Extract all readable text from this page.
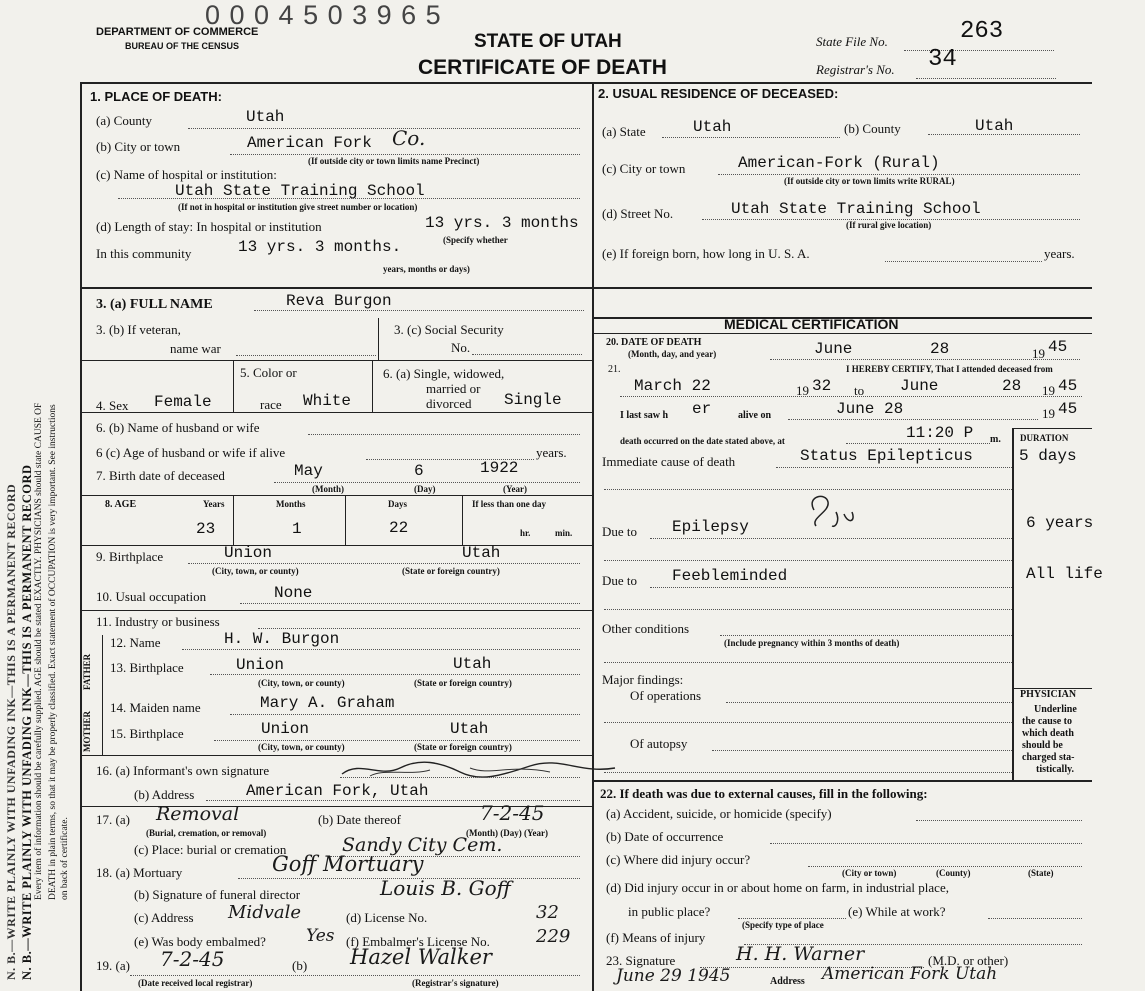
N. B.—WRITE PLAINLY WITH UNFADING INK—THIS IS A PERMANENT RECORD N. B.—WRITE PLAINLY WITH UNFADING INK—THIS IS A PERMANENT RECORD Every item of information should be carefully supplied. AGE should be stated EXACTLY. PHYSICIANS should state CAUSE OF DEATH in plain terms, so that it may be properly classified. Exact statement of OCCUPATION is very important. See instructions on back of certificate.
0 0 0 4 5 0 3 9 6 5
DEPARTMENT OF COMMERCE
BUREAU OF THE CENSUS	STATE OF UTAH
CERTIFICATE OF DEATH
State File No.	263
Registrar's No. 34
1. PLACE OF DEATH:
(a) County	Utah
(b) City or town	American Fork Co.
(If outside city or town limits name Precinct)
(c) Name of hospital or institution:
Utah State Training School
(If not in hospital or institution give street number or location)
(d) Length of stay: In hospital or institution	13 yrs. 3 months
In this community	13 yrs. 3 months.	(Specify whether
years, months or days)
2. USUAL RESIDENCE OF DECEASED:
(a) State	Utah	(b) County	Utah
(c) City or town	American-Fork (Rural)
(If outside city or town limits write RURAL)
(d) Street No.	Utah State Training School
(If rural give location)
(e) If foreign born, how long in U. S. A.	years.
3. (a) FULL NAME	Reva Burgon
3. (b) If veteran,
name war
3. (c) Social Security
No.
4. Sex Female
5. Color or
race White
6. (a) Single, widowed,
married or
divorced Single
6. (b) Name of husband or wife
6 (c) Age of husband or wife if alive	years.
7. Birth date of deceased	May	6	1922
(Month)	(Day)	(Year)
8. AGE	Years	Months	Days	If less than one day
23	1	22	hr.	min.
9. Birthplace	Union	Utah
(City, town, or county)	(State or foreign country)
10. Usual occupation	None
11. Industry or business
FATHER
MOTHER
12. Name	H. W. Burgon
13. Birthplace	Union	Utah
(City, town, or county)	(State or foreign country)
14. Maiden name	Mary A. Graham
15. Birthplace	Union	Utah
(City, town, or county)	(State or foreign country)
16. (a) Informant's own signature
(b) Address	American Fork, Utah
17. (a) Removal	(b) Date thereof	7-2-45
(Burial, cremation, or removal)	(Month) (Day) (Year)
(c) Place: burial or cremation	Sandy City Cem.
18. (a) Mortuary	Goff Mortuary
(b) Signature of funeral director	Louis B. Goff
(c) Address Midvale	(d) License No.	32
(e) Was body embalmed? Yes (f) Embalmer's License No.	229
19. (a) 7-2-45	(b) Hazel Walker
(Date received local registrar)	(Registrar's signature)
MEDICAL CERTIFICATION
20. DATE OF DEATH
(Month, day, and year)	June	28	19 45
21.	I HEREBY CERTIFY, That I attended deceased from
March 22	19 32 to June	28 19 45
I last saw h er	alive on	June 28	19 45
death occurred on the date stated above, at	11:20 P m. DURATION
Immediate cause of death	Status Epilepticus	5 days
Due to Epilepsy	6 years
Due to Feebleminded	All life
Other conditions
(Include pregnancy within 3 months of death)
Major findings:
Of operations
Of autopsy
PHYSICIAN
Underline
the cause to
which death
should be
charged sta-
tistically.
22. If death was due to external causes, fill in the following:
(a) Accident, suicide, or homicide (specify)
(b) Date of occurrence
(c) Where did injury occur?
(City or town)	(County)	(State)
(d) Did injury occur in or about home on farm, in industrial place,
in public place?
(Specify type of place
(e) While at work?
(f) Means of injury
23. Signature	H. H. Warner	(M.D. or other)
June 29 1945	Address American Fork Utah
